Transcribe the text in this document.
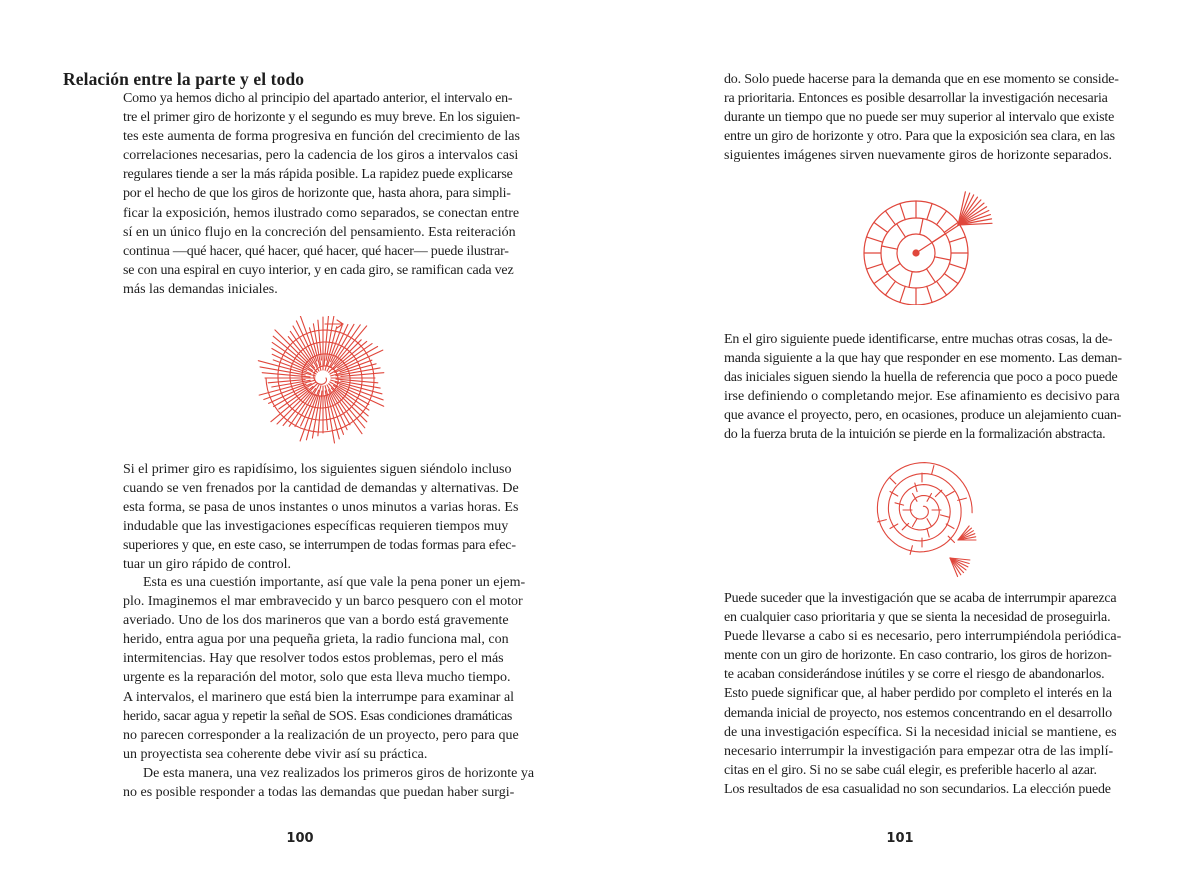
Relación entre la parte y el todo
Como ya hemos dicho al principio del apartado anterior, el intervalo en-
tre el primer giro de horizonte y el segundo es muy breve. En los siguien-
tes este aumenta de forma progresiva en función del crecimiento de las
correlaciones necesarias, pero la cadencia de los giros a intervalos casi
regulares tiende a ser la más rápida posible. La rapidez puede explicarse
por el hecho de que los giros de horizonte que, hasta ahora, para simpli-
ficar la exposición, hemos ilustrado como separados, se conectan entre
sí en un único flujo en la concreción del pensamiento. Esta reiteración
continua —qué hacer, qué hacer, qué hacer, qué hacer— puede ilustrar-
se con una espiral en cuyo interior, y en cada giro, se ramifican cada vez
más las demandas iniciales.
Si el primer giro es rapidísimo, los siguientes siguen siéndolo incluso
cuando se ven frenados por la cantidad de demandas y alternativas. De
esta forma, se pasa de unos instantes o unos minutos a varias horas. Es
indudable que las investigaciones específicas requieren tiempos muy
superiores y que, en este caso, se interrumpen de todas formas para efec-
tuar un giro rápido de control.
Esta es una cuestión importante, así que vale la pena poner un ejem-
plo. Imaginemos el mar embravecido y un barco pesquero con el motor
averiado. Uno de los dos marineros que van a bordo está gravemente
herido, entra agua por una pequeña grieta, la radio funciona mal, con
intermitencias. Hay que resolver todos estos problemas, pero el más
urgente es la reparación del motor, solo que esta lleva mucho tiempo.
A intervalos, el marinero que está bien la interrumpe para examinar al
herido, sacar agua y repetir la señal de SOS. Esas condiciones dramáticas
no parecen corresponder a la realización de un proyecto, pero para que
un proyectista sea coherente debe vivir así su práctica.
De esta manera, una vez realizados los primeros giros de horizonte ya
no es posible responder a todas las demandas que puedan haber surgi-
100
do. Solo puede hacerse para la demanda que en ese momento se conside-
ra prioritaria. Entonces es posible desarrollar la investigación necesaria
durante un tiempo que no puede ser muy superior al intervalo que existe
entre un giro de horizonte y otro. Para que la exposición sea clara, en las
siguientes imágenes sirven nuevamente giros de horizonte separados.
En el giro siguiente puede identificarse, entre muchas otras cosas, la de-
manda siguiente a la que hay que responder en ese momento. Las deman-
das iniciales siguen siendo la huella de referencia que poco a poco puede
irse definiendo o completando mejor. Ese afinamiento es decisivo para
que avance el proyecto, pero, en ocasiones, produce un alejamiento cuan-
do la fuerza bruta de la intuición se pierde en la formalización abstracta.
Puede suceder que la investigación que se acaba de interrumpir aparezca
en cualquier caso prioritaria y que se sienta la necesidad de proseguirla.
Puede llevarse a cabo si es necesario, pero interrumpiéndola periódica-
mente con un giro de horizonte. En caso contrario, los giros de horizon-
te acaban considerándose inútiles y se corre el riesgo de abandonarlos.
Esto puede significar que, al haber perdido por completo el interés en la
demanda inicial de proyecto, nos estemos concentrando en el desarrollo
de una investigación específica. Si la necesidad inicial se mantiene, es
necesario interrumpir la investigación para empezar otra de las implí-
citas en el giro. Si no se sabe cuál elegir, es preferible hacerlo al azar.
Los resultados de esa casualidad no son secundarios. La elección puede
101
